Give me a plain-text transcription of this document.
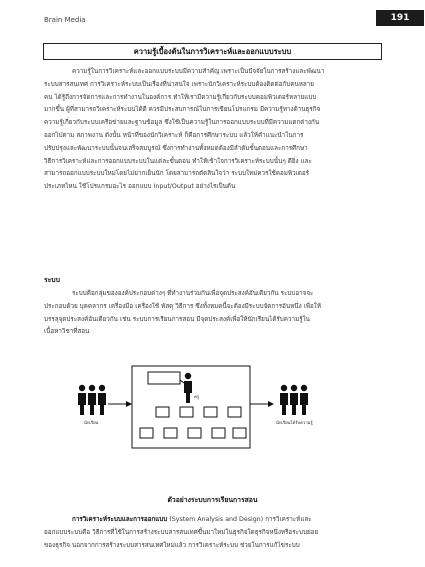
Brain Media	191
ความรู้เบื้องต้นในการวิเคราะห์และออกแบบระบบ
ความรู้ในการวิเคราะห์และออกแบบระบบมีความสำคัญ เพราะเป็นปัจจัยในการสร้างและพัฒนา
ระบบสารสนเทศ การวิเคราะห์ระบบเป็นเรื่องที่น่าสนใจ เพราะนักวิเคราะห์ระบบต้องติดต่อกับคนหลาย
คน ได้รู้ถึงการจัดการและการทำงานในองค์การ ทำให้เรามีความรู้เกี่ยวกับระบบคอมพิวเตอร์หลายแบบ
มากขึ้น ผู้ที่สามารถวิเคราะห์ระบบได้ดี ควรมีประสบการณ์ในการเขียนโปรแกรม มีความรู้ทางด้านธุรกิจ
ความรู้เกี่ยวกับระบบเครือข่ายและฐานข้อมูล ซึ่งใช้เป็นความรู้ในการออกแบบระบบที่มีความแตกต่างกัน
ออกไปตาม สภาพงาน ดังนั้น หน้าที่ของนักวิเคราะห์ ก็คือการศึกษาระบบ แล้วให้คำแนะนำในการ
ปรับปรุงและพัฒนาระบบนั้นจนเสร็จสมบูรณ์ ซึ่งการทำงานทั้งหมดต้องมีลำดับขั้นตอนและการศึกษา
วิธีการวิเคราะห์และการออกแบบระบบในแต่ละขั้นตอน ทำให้เข้าใจการวิเคราะห์ระบบนั้นๆ ดียิ่ง และ
สามารถออกแบบระบบใหม่โดยไม่ยากเย็นนัก โดยสามารถตัดสินใจว่า ระบบใหม่ควรใช้คอมพิวเตอร์
ประเภทไหน ใช้โปรแกรมอะไร ออกแบบ Input/Output อย่างไรเป็นต้น
ระบบ
ระบบคือกลุ่มขององค์ประกอบต่างๆ ที่ทำงานร่วมกันเพื่อจุดประสงค์อันเดียวกัน ระบบอาจจะ
ประกอบด้วย บุคคลากร เครื่องมือ เครื่องใช้ พัสดุ วิธีการ ซึ่งทั้งหมดนี้จะต้องมีระบบจัดการอันหนึ่ง เพื่อให้
บรรลุจุดประสงค์อันเดียวกัน เช่น ระบบการเรียนการสอน มีจุดประสงค์เพื่อให้นักเรียนได้รับความรู้ใน
เนื้อหาวิชาที่สอน
นักเรียน
ครู
นักเรียนได้รับความรู้
ตัวอย่างระบบการเรียนการสอน
การวิเคราะห์ระบบและการออกแบบ (System Analysis and Design) การวิเคราะห์และ
ออกแบบระบบคือ วิธีการที่ใช้ในการสร้างระบบสารสนเทศขึ้นมาใหม่ในธุรกิจใดธุรกิจหนึ่งหรือระบบย่อย
ของธุรกิจ นอกจากการสร้างระบบสารสนเทศใหม่แล้ว การวิเคราะห์ระบบ ช่วยในการแก้ไขระบบ
